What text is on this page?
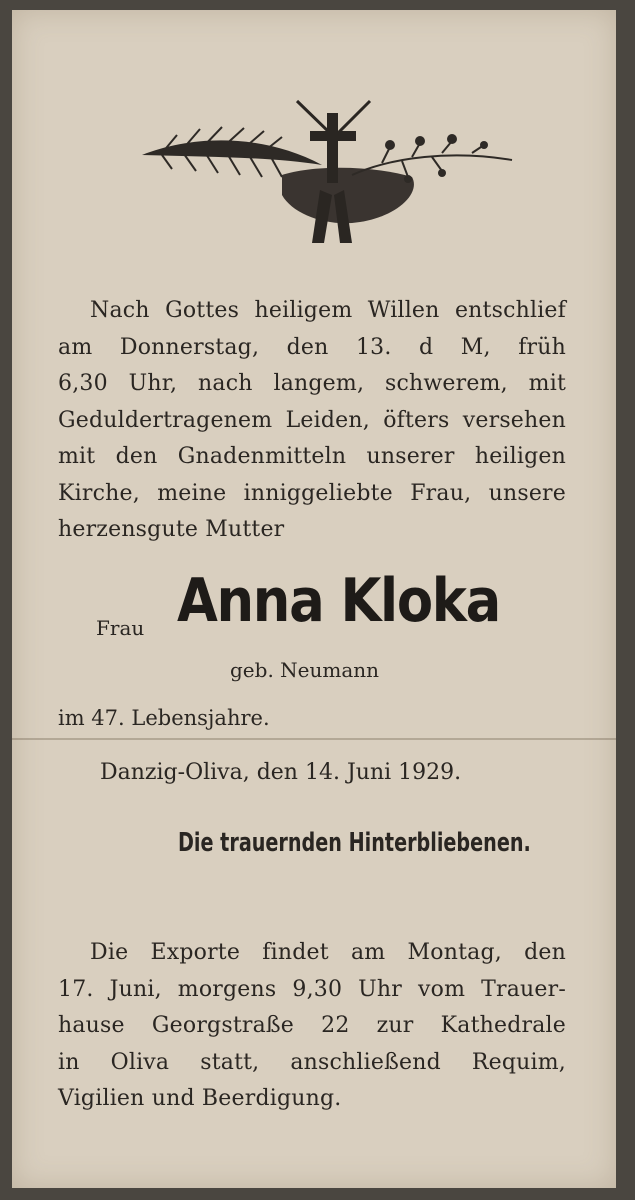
Nach Gottes heiligem Willen entschlief
am Donnerstag, den 13. d M, früh
6,30 Uhr, nach langem, schwerem, mit
Geduldertragenem Leiden, öfters versehen
mit den Gnadenmitteln unserer heiligen
Kirche, meine inniggeliebte Frau, unsere
herzensgute Mutter
Frau Anna Kloka
geb. Neumann
im 47. Lebensjahre.
Danzig-Oliva, den 14. Juni 1929.
Die trauernden Hinterbliebenen.
Die Exporte findet am Montag, den
17. Juni, morgens 9,30 Uhr vom Trauer-
hause Georgstraße 22 zur Kathedrale
in Oliva statt, anschließend Requim,
Vigilien und Beerdigung.
